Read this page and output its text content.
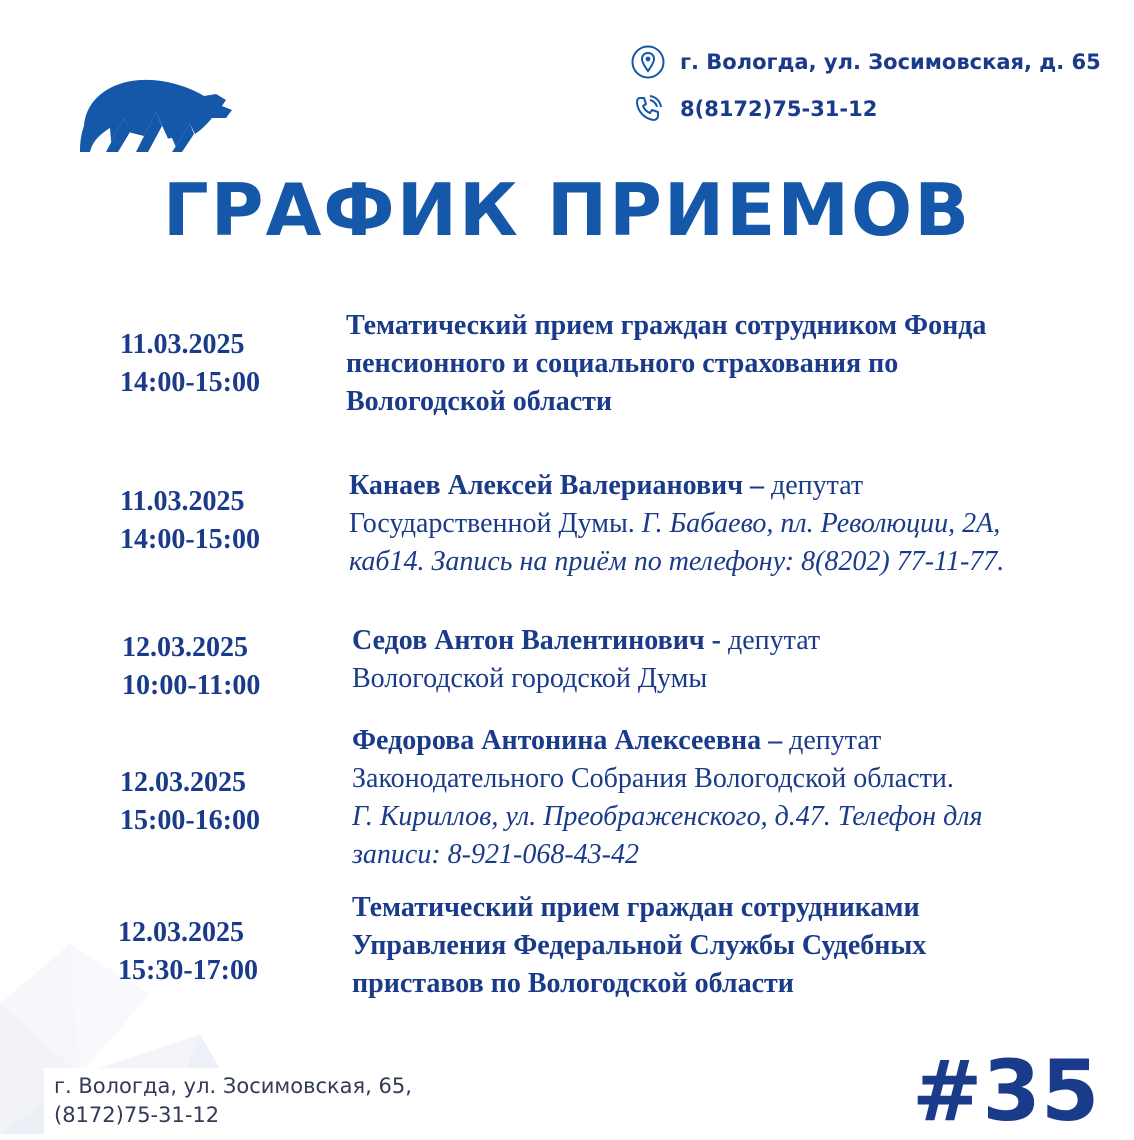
г. Вологда, ул. Зосимовская, д. 65
8(8172)75-31-12
ГРАФИК ПРИЕМОВ
11.03.2025
14:00-15:00
Тематический прием граждан сотрудником Фонда
пенсионного и социального страхования по
Вологодской области
11.03.2025
14:00-15:00
Канаев Алексей Валерианович – депутат
Государственной Думы. Г. Бабаево, пл. Революции, 2А,
каб14. Запись на приём по телефону: 8(8202) 77-11-77.
12.03.2025
10:00-11:00
Седов Антон Валентинович - депутат
Вологодской городской Думы
12.03.2025
15:00-16:00
Федорова Антонина Алексеевна – депутат
Законодательного Собрания Вологодской области.
Г. Кириллов, ул. Преображенского, д.47. Телефон для
записи: 8-921-068-43-42
12.03.2025
15:30-17:00
Тематический прием граждан сотрудниками
Управления Федеральной Службы Судебных
приставов по Вологодской области
г. Вологда, ул. Зосимовская, 65,
(8172)75-31-12	#35
